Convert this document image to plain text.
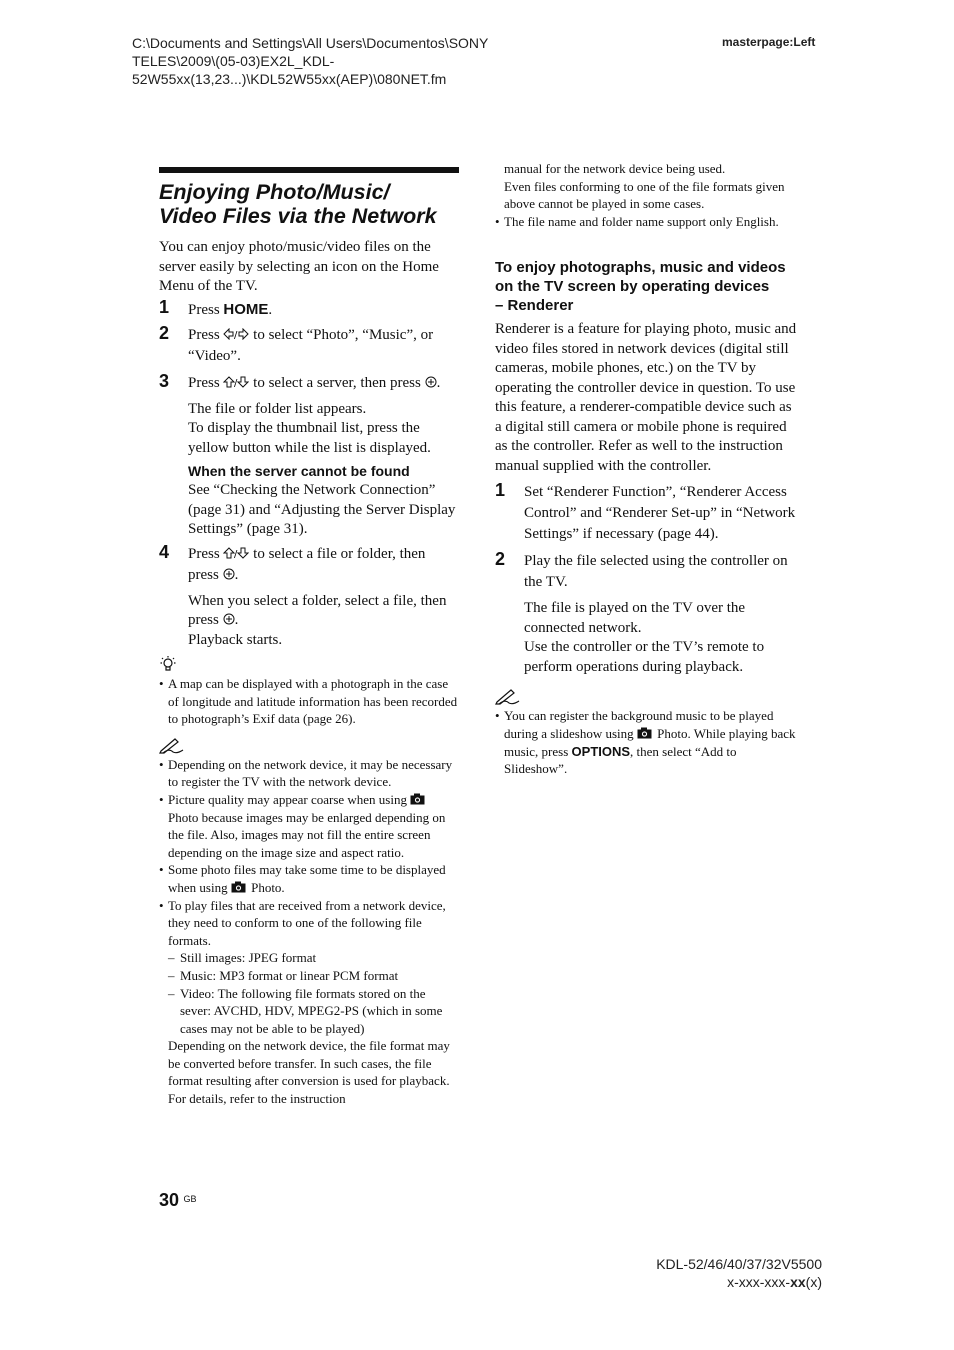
C:\Documents and Settings\All Users\Documentos\SONY
TELES\2009\(05-03)EX2L_KDL-
52W55xx(13,23...)\KDL52W55xx(AEP)\080NET.fm
masterpage:Left
Enjoying Photo/Music/
Video Files via the Network
You can enjoy photo/music/video files on the server easily by selecting an icon on the Home Menu of the TV.
1 Press HOME.
2 Press / to select “Photo”, “Music”, or “Video”.
3 Press / to select a server, then press .
The file or folder list appears.
To display the thumbnail list, press the yellow button while the list is displayed.
When the server cannot be found
See “Checking the Network Connection” (page 31) and “Adjusting the Server Display Settings” (page 31).
4 Press / to select a file or folder, then press .
When you select a folder, select a file, then press .
Playback starts.
• A map can be displayed with a photograph in the case of longitude and latitude information has been recorded to photograph’s Exif data (page 26).
• Depending on the network device, it may be necessary to register the TV with the network device.
• Picture quality may appear coarse when using  Photo because images may be enlarged depending on the file. Also, images may not fill the entire screen depending on the image size and aspect ratio.
• Some photo files may take some time to be displayed when using  Photo.
• To play files that are received from a network device, they need to conform to one of the following file formats.
– Still images: JPEG format
– Music: MP3 format or linear PCM format
– Video: The following file formats stored on the sever: AVCHD, HDV, MPEG2-PS (which in some cases may not be able to be played)
Depending on the network device, the file format may be converted before transfer. In such cases, the file format resulting after conversion is used for playback. For details, refer to the instruction
manual for the network device being used.
Even files conforming to one of the file formats given above cannot be played in some cases.
• The file name and folder name support only English.
To enjoy photographs, music and videos on the TV screen by operating devices
– Renderer
Renderer is a feature for playing photo, music and video files stored in network devices (digital still cameras, mobile phones, etc.) on the TV by operating the controller device in question. To use this feature, a renderer-compatible device such as a digital still camera or mobile phone is required as the controller. Refer as well to the instruction manual supplied with the controller.
1 Set “Renderer Function”, “Renderer Access Control” and “Renderer Set-up” in “Network Settings” if necessary (page 44).
2 Play the file selected using the controller on the TV.
The file is played on the TV over the connected network.
Use the controller or the TV’s remote to perform operations during playback.
• You can register the background music to be played during a slideshow using  Photo. While playing back music, press OPTIONS, then select “Add to Slideshow”.
30 $^{GB}$
KDL-52/46/40/37/32V5500
x-xxx-xxx-xx(x)
